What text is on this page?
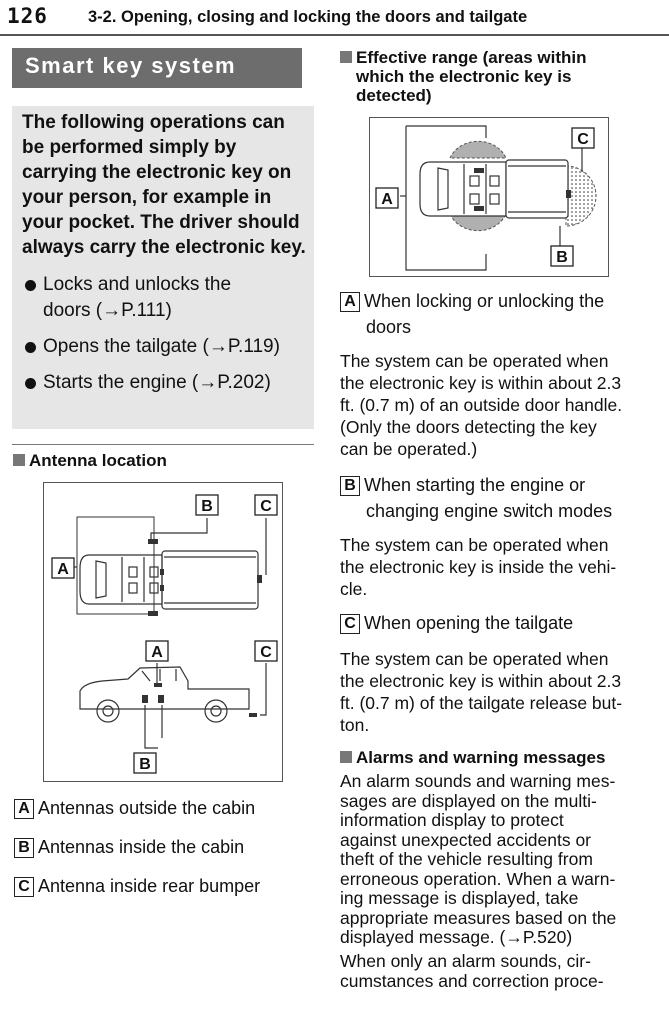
126 3-2. Opening, closing and locking the doors and tailgate
Smart key system
The following operations can be performed simply by carrying the electronic key on your person, for example in your pocket. The driver should always carry the electronic key.
Locks and unlocks the
doors (→P.111)
Opens the tailgate (→P.119)
Starts the engine (→P.202)
Antenna location
A
B	C
A	C
B
A Antennas outside the cabin
B Antennas inside the cabin
C Antenna inside rear bumper
Effective range (areas within
which the electronic key is
detected)
A
C
B
A When locking or unlocking the
doors
The system can be operated when
the electronic key is within about 2.3
ft. (0.7 m) of an outside door handle.
(Only the doors detecting the key
can be operated.)
B When starting the engine or
changing engine switch modes
The system can be operated when
the electronic key is inside the vehi-
cle.
C When opening the tailgate
The system can be operated when
the electronic key is within about 2.3
ft. (0.7 m) of the tailgate release but-
ton.
Alarms and warning messages
An alarm sounds and warning mes-
sages are displayed on the multi-
information display to protect
against unexpected accidents or
theft of the vehicle resulting from
erroneous operation. When a warn-
ing message is displayed, take
appropriate measures based on the
displayed message. (→P.520)
When only an alarm sounds, cir-
cumstances and correction proce-
